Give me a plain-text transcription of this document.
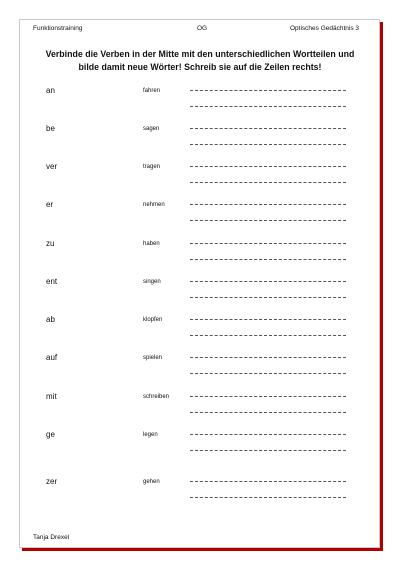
Funktionstraining	OG	Optisches Gedächtnis 3

Verbinde die Verben in der Mitte mit den unterschiedlichen Wortteilen und

bilde damit neue Wörter! Schreib sie auf die Zeilen rechts!

an	fahren
be	sagen
ver	tragen
er	nehmen
zu	haben
ent	singen
ab	klopfen
auf	spielen
mit	schreiben
ge	legen
zer	gehen
Tanja Drexel
